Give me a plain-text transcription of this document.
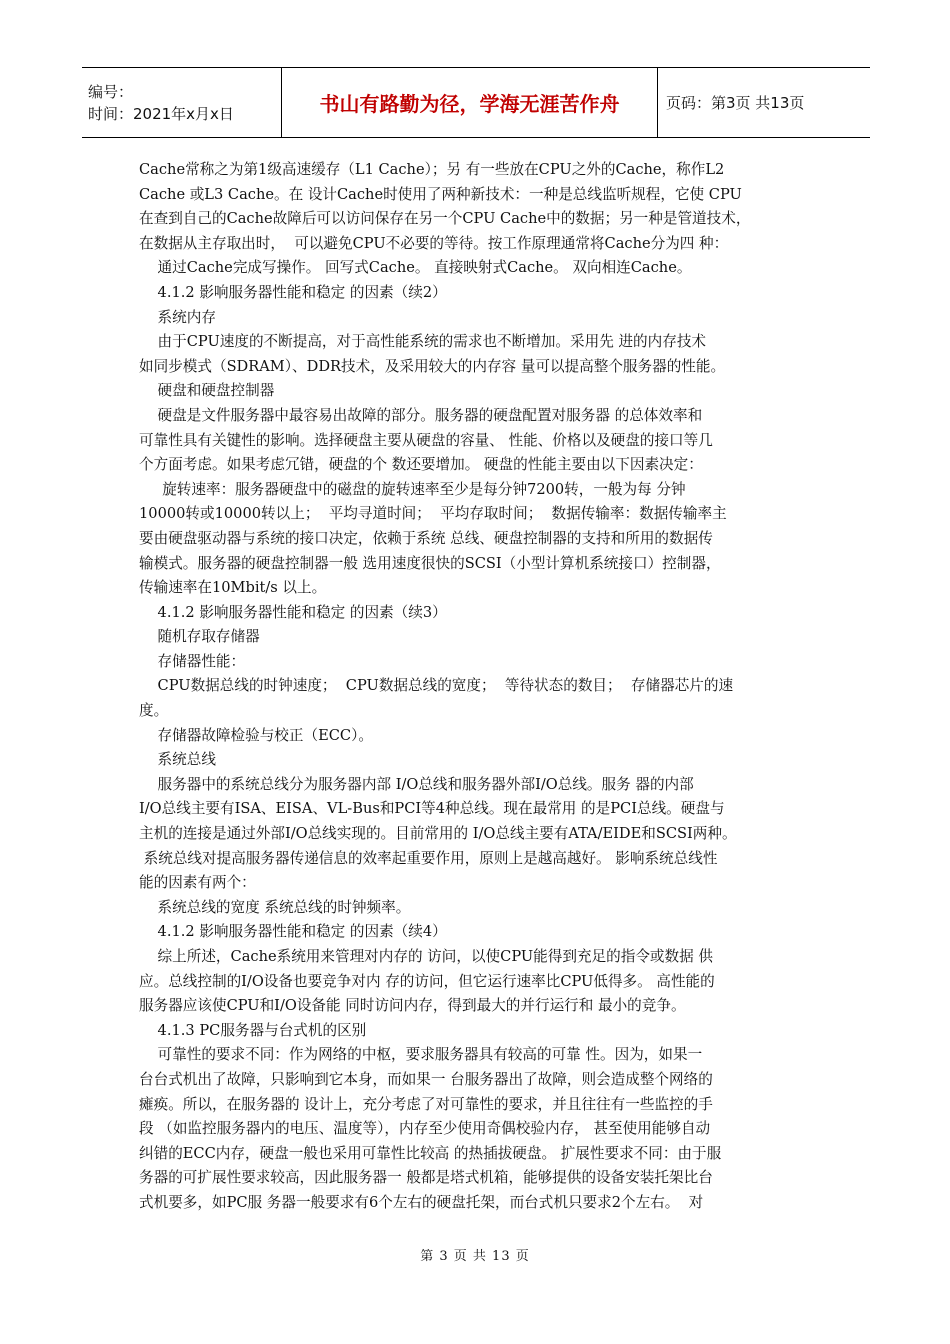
编号：
时间：2021年x月x日	书山有路勤为径，学海无涯苦作舟	页码：第3页 共13页
Cache常称之为第1级高速缓存（L1 Cache）；另 有一些放在CPU之外的Cache，称作L2
Cache 或L3 Cache。在 设计Cache时使用了两种新技术：一种是总线监听规程，它使 CPU
在查到自己的Cache故障后可以访问保存在另一个CPU Cache中的数据；另一种是管道技术，
在数据从主存取出时，  可以避免CPU不必要的等待。按工作原理通常将Cache分为四 种：
通过Cache完成写操作。 回写式Cache。 直接映射式Cache。 双向相连Cache。
4.1.2 影响服务器性能和稳定 的因素（续2）
系统内存
由于CPU速度的不断提高，对于高性能系统的需求也不断增加。采用先 进的内存技术
如同步模式（SDRAM）、DDR技术，及采用较大的内存容 量可以提高整个服务器的性能。
硬盘和硬盘控制器
硬盘是文件服务器中最容易出故障的部分。服务器的硬盘配置对服务器 的总体效率和
可靠性具有关键性的影响。选择硬盘主要从硬盘的容量、 性能、价格以及硬盘的接口等几
个方面考虑。如果考虑冗错，硬盘的个 数还要增加。 硬盘的性能主要由以下因素决定：
旋转速率：服务器硬盘中的磁盘的旋转速率至少是每分钟7200转，一般为每 分钟
10000转或10000转以上；  平均寻道时间；  平均存取时间；  数据传输率：数据传输率主
要由硬盘驱动器与系统的接口决定，依赖于系统 总线、硬盘控制器的支持和所用的数据传
输模式。服务器的硬盘控制器一般 选用速度很快的SCSI（小型计算机系统接口）控制器，
传输速率在10Mbit/s 以上。
4.1.2 影响服务器性能和稳定 的因素（续3）
随机存取存储器
存储器性能：
CPU数据总线的时钟速度；  CPU数据总线的宽度；  等待状态的数目；  存储器芯片的速
度。
存储器故障检验与校正（ECC）。
系统总线
服务器中的系统总线分为服务器内部 I/O总线和服务器外部I/O总线。服务 器的内部
I/O总线主要有ISA、EISA、VL-Bus和PCI等4种总线。现在最常用 的是PCI总线。硬盘与
主机的连接是通过外部I/O总线实现的。目前常用的 I/O总线主要有ATA/EIDE和SCSI两种。
系统总线对提高服务器传递信息的效率起重要作用，原则上是越高越好。 影响系统总线性
能的因素有两个：
系统总线的宽度 系统总线的时钟频率。
4.1.2 影响服务器性能和稳定 的因素（续4）
综上所述，Cache系统用来管理对内存的 访问，以使CPU能得到充足的指令或数据 供
应。总线控制的I/O设备也要竞争对内 存的访问，但它运行速率比CPU低得多。 高性能的
服务器应该使CPU和I/O设备能 同时访问内存，得到最大的并行运行和 最小的竞争。
4.1.3 PC服务器与台式机的区别
可靠性的要求不同：作为网络的中枢，要求服务器具有较高的可靠 性。因为，如果一
台台式机出了故障，只影响到它本身，而如果一 台服务器出了故障，则会造成整个网络的
瘫痪。所以，在服务器的 设计上，充分考虑了对可靠性的要求，并且往往有一些监控的手
段 （如监控服务器内的电压、温度等），内存至少使用奇偶校验内存， 甚至使用能够自动
纠错的ECC内存，硬盘一般也采用可靠性比较高 的热插拔硬盘。 扩展性要求不同：由于服
务器的可扩展性要求较高，因此服务器一 般都是塔式机箱，能够提供的设备安装托架比台
式机要多，如PC服 务器一般要求有6个左右的硬盘托架，而台式机只要求2个左右。  对
第 3 页 共 13 页
